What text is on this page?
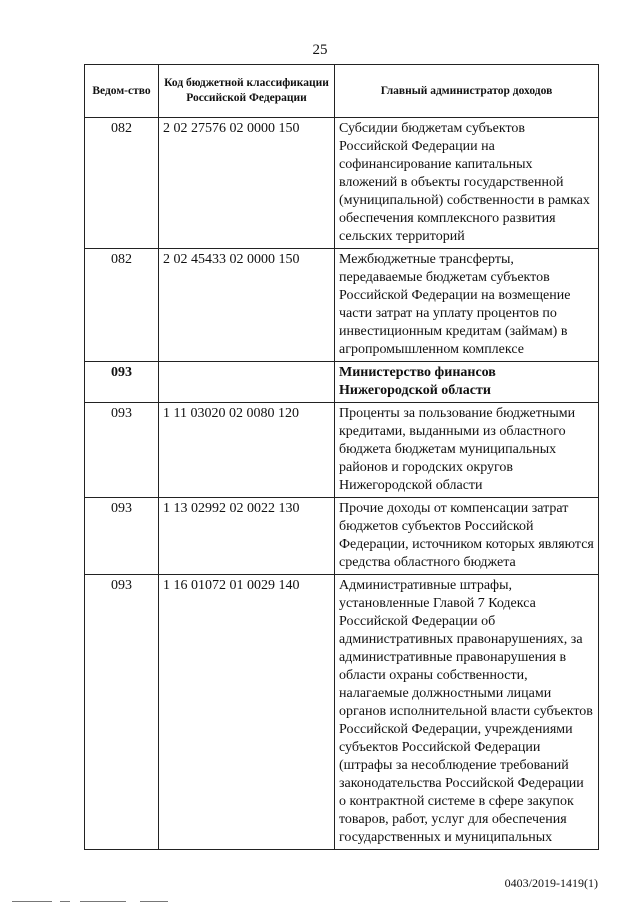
25
Ведом-ство	Код бюджетной классификации Российской Федерации	Главный администратор доходов
082	2 02 27576 02 0000 150	Субсидии бюджетам субъектов Российской Федерации на софинансирование капитальных вложений в объекты государственной (муниципальной) собственности в рамках обеспечения комплексного развития сельских территорий
082	2 02 45433 02 0000 150	Межбюджетные трансферты, передаваемые бюджетам субъектов Российской Федерации на возмещение части затрат на уплату процентов по инвестиционным кредитам (займам) в агропромышленном комплексе
093		Министерство финансов Нижегородской области
093	1 11 03020 02 0080 120	Проценты за пользование бюджетными кредитами, выданными из областного бюджета бюджетам муниципальных районов и городских округов Нижегородской области
093	1 13 02992 02 0022 130	Прочие доходы от компенсации затрат бюджетов субъектов Российской Федерации, источником которых являются средства областного бюджета
093	1 16 01072 01 0029 140	Административные штрафы, установленные Главой 7 Кодекса Российской Федерации об административных правонарушениях, за административные правонарушения в области охраны собственности, налагаемые должностными лицами органов исполнительной власти субъектов Российской Федерации, учреждениями субъектов Российской Федерации (штрафы за несоблюдение требований законодательства Российской Федерации о контрактной системе в сфере закупок товаров, работ, услуг для обеспечения государственных и муниципальных
0403/2019-1419(1)
